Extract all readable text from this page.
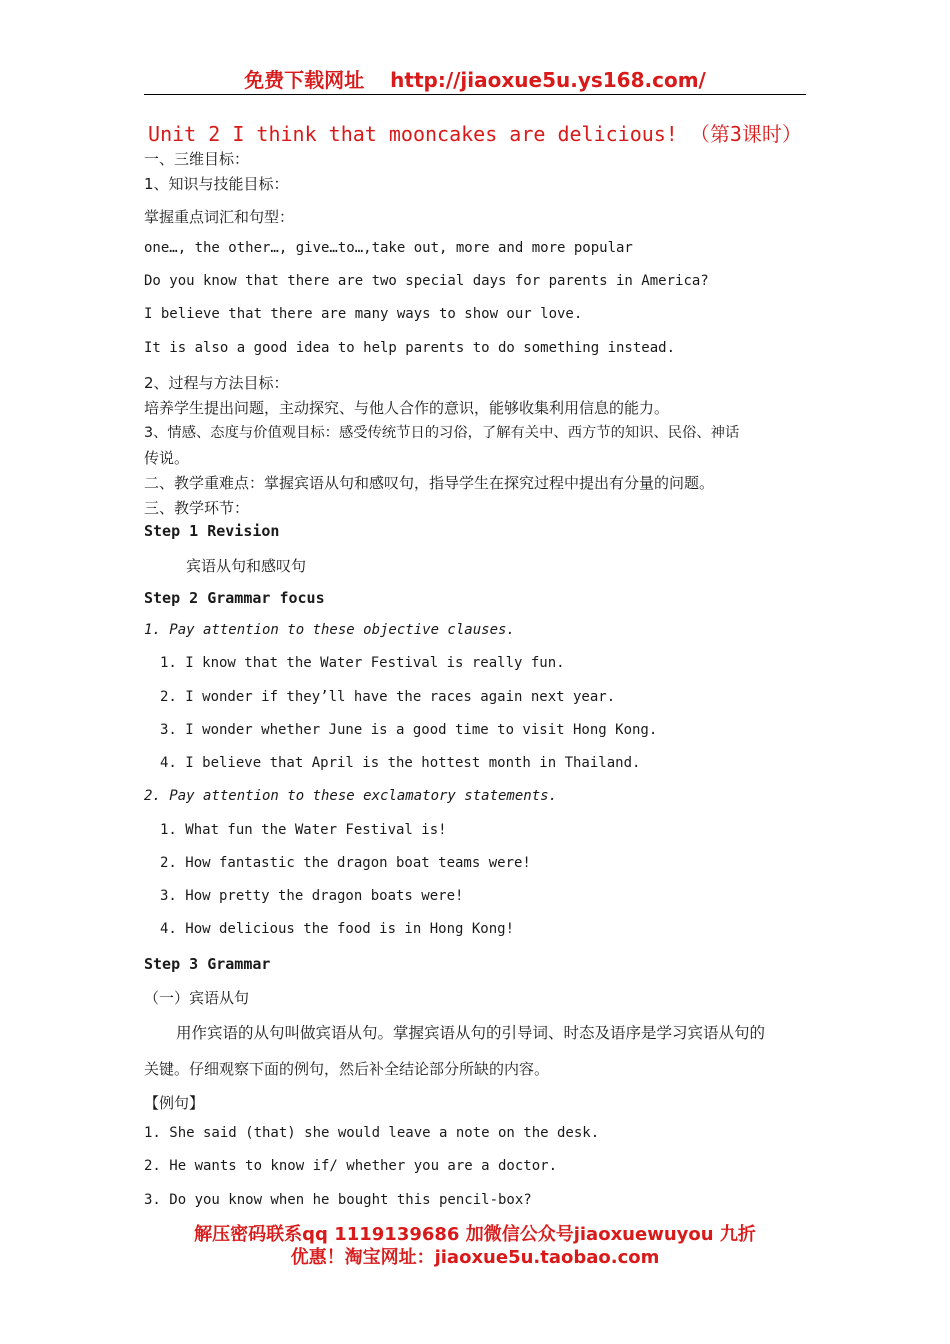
免费下载网址 http://jiaoxue5u.ys168.com/
Unit 2 I think that mooncakes are delicious! （第3课时）
一、三维目标：
1、知识与技能目标：
掌握重点词汇和句型：
one…, the other…, give…to…,take out, more and more popular
Do you know that there are two special days for parents in America?
I believe that there are many ways to show our love.
It is also a good idea to help parents to do something instead.
2、过程与方法目标：
培养学生提出问题，主动探究、与他人合作的意识，能够收集利用信息的能力。
3、情感、态度与价值观目标：感受传统节日的习俗，了解有关中、西方节的知识、民俗、神话
传说。
二、教学重难点：掌握宾语从句和感叹句，指导学生在探究过程中提出有分量的问题。
三、教学环节：
Step 1 Revision
宾语从句和感叹句
Step 2 Grammar focus
1. Pay attention to these objective clauses.
1. I know that the Water Festival is really fun.
2. I wonder if they’ll have the races again next year.
3. I wonder whether June is a good time to visit Hong Kong.
4. I believe that April is the hottest month in Thailand.
2. Pay attention to these exclamatory statements.
1. What fun the Water Festival is!
2. How fantastic the dragon boat teams were!
3. How pretty the dragon boats were!
4. How delicious the food is in Hong Kong!
Step 3 Grammar
（一）宾语从句
用作宾语的从句叫做宾语从句。掌握宾语从句的引导词、时态及语序是学习宾语从句的
关键。仔细观察下面的例句，然后补全结论部分所缺的内容。
【例句】
1. She said (that) she would leave a note on the desk.
2. He wants to know if/ whether you are a doctor.
3. Do you know when he bought this pencil-box?
解压密码联系qq 1119139686 加微信公众号jiaoxuewuyou 九折
优惠！淘宝网址：jiaoxue5u.taobao.com
